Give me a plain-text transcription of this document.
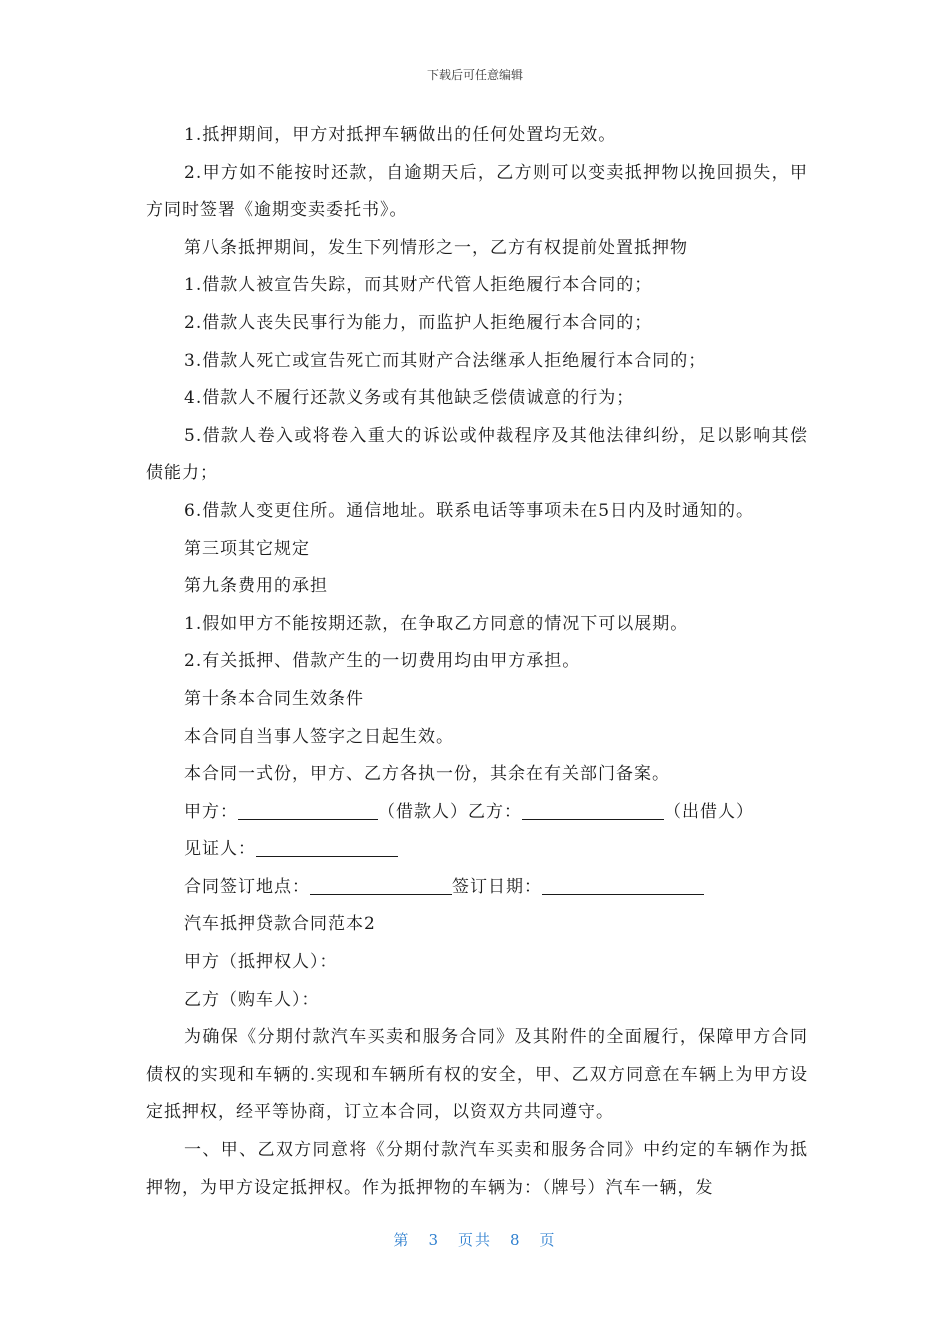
下载后可任意编辑

1.抵押期间，甲方对抵押车辆做出的任何处置均无效。

2.甲方如不能按时还款，自逾期天后，乙方则可以变卖抵押物以挽回损失，甲方同时签署《逾期变卖委托书》。

第八条抵押期间，发生下列情形之一，乙方有权提前处置抵押物

1.借款人被宣告失踪，而其财产代管人拒绝履行本合同的；

2.借款人丧失民事行为能力，而监护人拒绝履行本合同的；

3.借款人死亡或宣告死亡而其财产合法继承人拒绝履行本合同的；

4.借款人不履行还款义务或有其他缺乏偿债诚意的行为；

5.借款人卷入或将卷入重大的诉讼或仲裁程序及其他法律纠纷，足以影响其偿债能力；

6.借款人变更住所。通信地址。联系电话等事项未在5日内及时通知的。

第三项其它规定

第九条费用的承担

1.假如甲方不能按期还款，在争取乙方同意的情况下可以展期。

2.有关抵押、借款产生的一切费用均由甲方承担。

第十条本合同生效条件

本合同自当事人签字之日起生效。

本合同一式份，甲方、乙方各执一份，其余在有关部门备案。

甲方：	（借款人）乙方：	（出借人）

见证人：

合同签订地点：	签订日期：

汽车抵押贷款合同范本2

甲方（抵押权人）：

乙方（购车人）：

为确保《分期付款汽车买卖和服务合同》及其附件的全面履行，保障甲方合同债权的实现和车辆的.实现和车辆所有权的安全，甲、乙双方同意在车辆上为甲方设定抵押权，经平等协商，订立本合同，以资双方共同遵守。

一、甲、乙双方同意将《分期付款汽车买卖和服务合同》中约定的车辆作为抵押物，为甲方设定抵押权。作为抵押物的车辆为：（牌号）汽车一辆，发

第 3 页共 8 页
